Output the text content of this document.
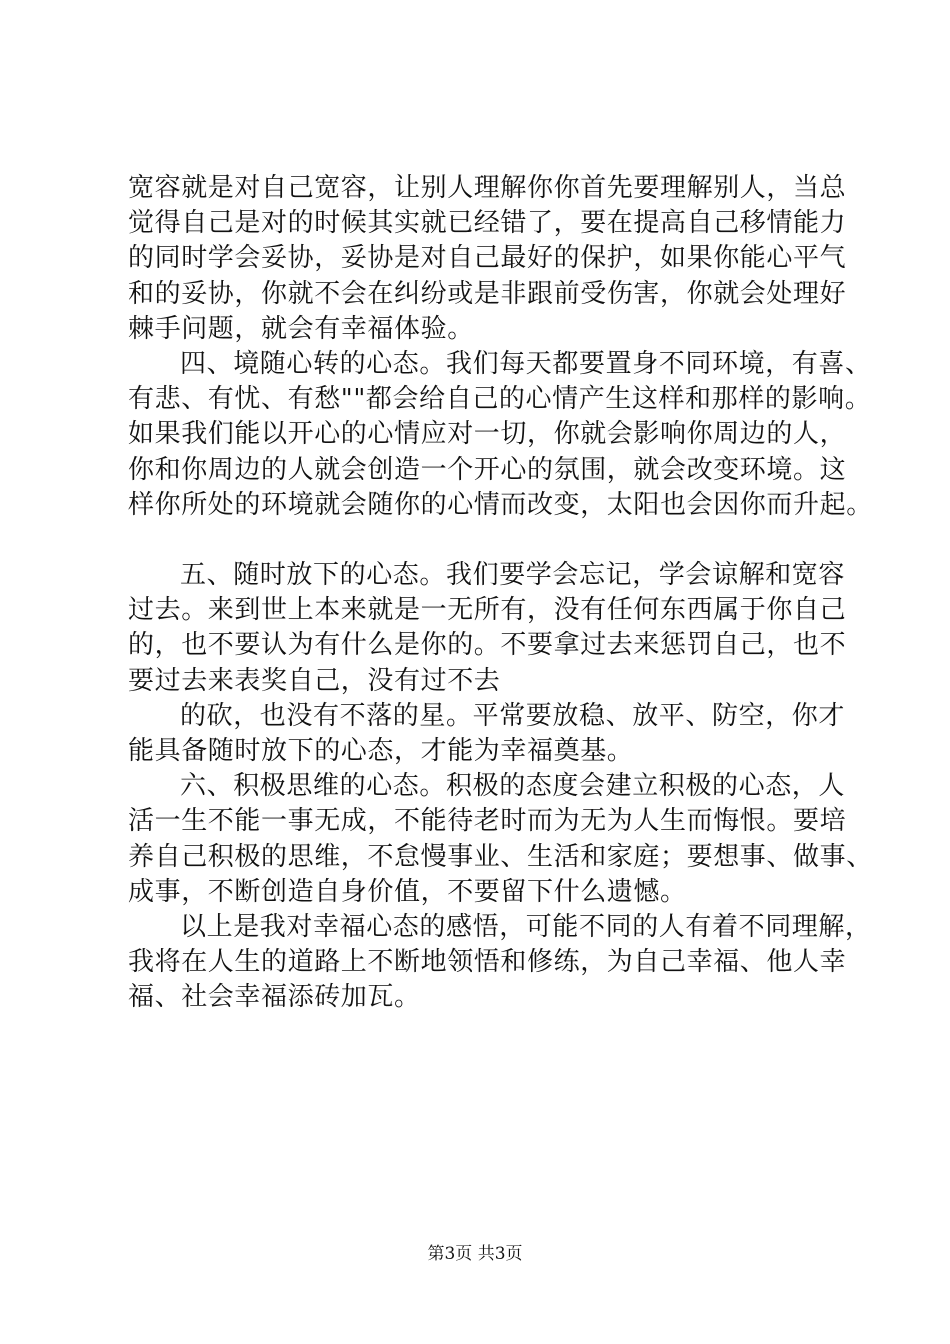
宽容就是对自己宽容，让别人理解你你首先要理解别人，当总
觉得自己是对的时候其实就已经错了，要在提高自己移情能力
的同时学会妥协，妥协是对自己最好的保护，如果你能心平气
和的妥协，你就不会在纠纷或是非跟前受伤害，你就会处理好
棘手问题，就会有幸福体验。
四、境随心转的心态。我们每天都要置身不同环境，有喜、
有悲、有忧、有愁""都会给自己的心情产生这样和那样的影响。
如果我们能以开心的心情应对一切，你就会影响你周边的人，
你和你周边的人就会创造一个开心的氛围，就会改变环境。这
样你所处的环境就会随你的心情而改变，太阳也会因你而升起。
五、随时放下的心态。我们要学会忘记，学会谅解和宽容
过去。来到世上本来就是一无所有，没有任何东西属于你自己
的，也不要认为有什么是你的。不要拿过去来惩罚自己，也不
要过去来表奖自己，没有过不去
的砍，也没有不落的星。平常要放稳、放平、防空，你才
能具备随时放下的心态，才能为幸福奠基。
六、积极思维的心态。积极的态度会建立积极的心态，人
活一生不能一事无成，不能待老时而为无为人生而悔恨。要培
养自己积极的思维，不怠慢事业、生活和家庭；要想事、做事、
成事，不断创造自身价值，不要留下什么遗憾。
以上是我对幸福心态的感悟，可能不同的人有着不同理解，
我将在人生的道路上不断地领悟和修练，为自己幸福、他人幸
福、社会幸福添砖加瓦。
第3页 共3页
